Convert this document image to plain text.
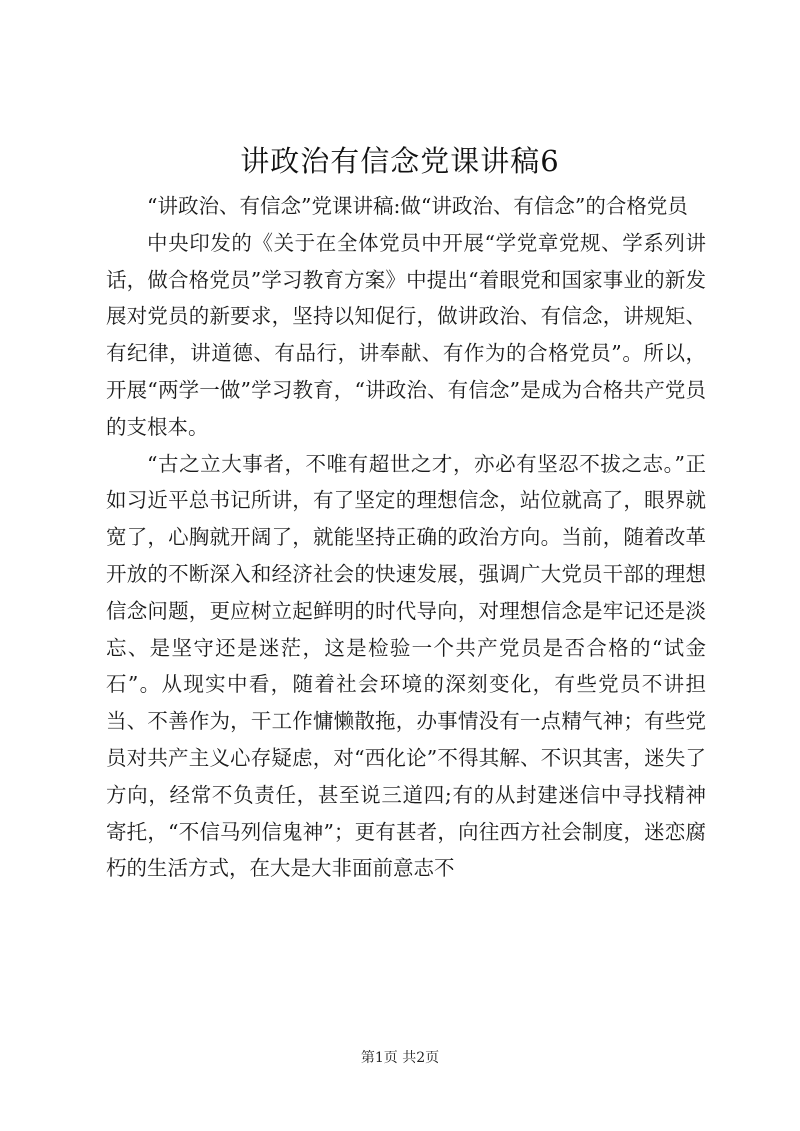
讲政治有信念党课讲稿6

“讲政治、有信念”党课讲稿:做“讲政治、有信念”的合格党员

中央印发的《关于在全体党员中开展“学党章党规、学系列讲话，做合格党员”学习教育方案》中提出“着眼党和国家事业的新发展对党员的新要求，坚持以知促行，做讲政治、有信念，讲规矩、有纪律，讲道德、有品行，讲奉献、有作为的合格党员”。所以，开展“两学一做”学习教育，“讲政治、有信念”是成为合格共产党员的支根本。

“古之立大事者，不唯有超世之才，亦必有坚忍不拔之志。”正如习近平总书记所讲，有了坚定的理想信念，站位就高了，眼界就宽了，心胸就开阔了，就能坚持正确的政治方向。当前，随着改革开放的不断深入和经济社会的快速发展，强调广大党员干部的理想信念问题，更应树立起鲜明的时代导向，对理想信念是牢记还是淡忘、是坚守还是迷茫，这是检验一个共产党员是否合格的“试金石”。从现实中看，随着社会环境的深刻变化，有些党员不讲担当、不善作为，干工作慵懒散拖，办事情没有一点精气神；有些党员对共产主义心存疑虑，对“西化论”不得其解、不识其害，迷失了方向，经常不负责任，甚至说三道四;有的从封建迷信中寻找精神寄托，“不信马列信鬼神”；更有甚者，向往西方社会制度，迷恋腐朽的生活方式，在大是大非面前意志不

第1页 共2页
